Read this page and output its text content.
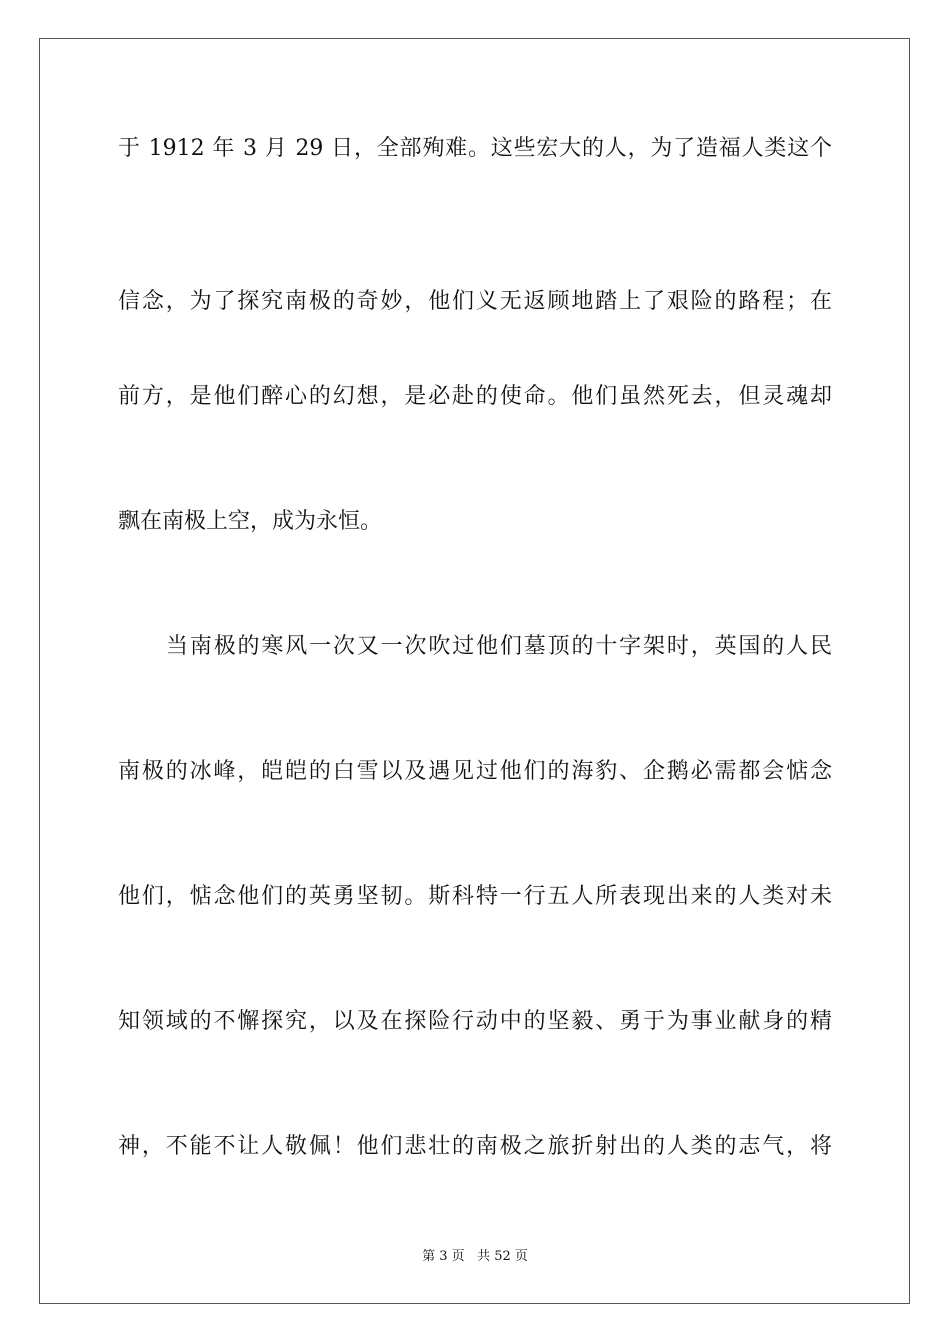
于 1912 年 3 月 29 日，全部殉难。这些宏大的人，为了造福人类这个
信念，为了探究南极的奇妙，他们义无返顾地踏上了艰险的路程；在
前方，是他们醉心的幻想，是必赴的使命。他们虽然死去，但灵魂却
飘在南极上空，成为永恒。
当南极的寒风一次又一次吹过他们墓顶的十字架时，英国的人民
南极的冰峰，皑皑的白雪以及遇见过他们的海豹、企鹅必需都会惦念
他们，惦念他们的英勇坚韧。斯科特一行五人所表现出来的人类对未
知领域的不懈探究，以及在探险行动中的坚毅、勇于为事业献身的精
神，不能不让人敬佩！他们悲壮的南极之旅折射出的人类的志气，将
第 3 页 共 52 页
